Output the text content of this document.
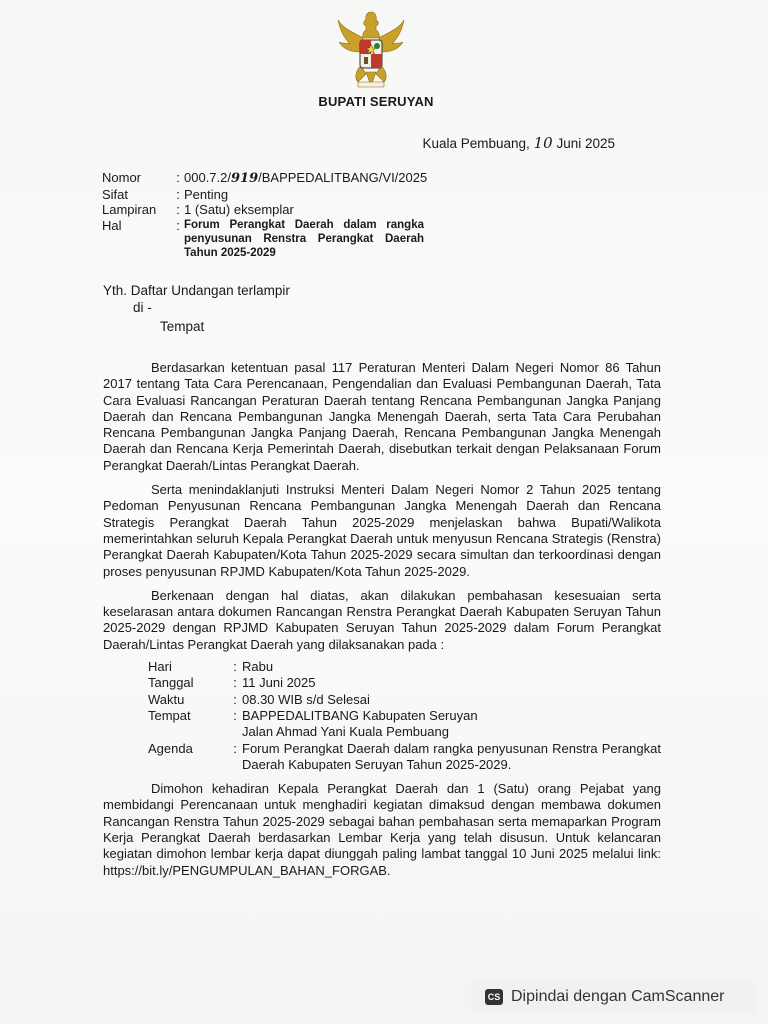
BUPATI SERUYAN
Kuala Pembuang, 10 Juni 2025
Nomor	: 000.7.2/919/BAPPEDALITBANG/VI/2025
Sifat	: Penting
Lampiran	: 1 (Satu) eksemplar
Hal	: Forum Perangkat Daerah dalam rangka penyusunan Renstra Perangkat Daerah Tahun 2025-2029
Yth. Daftar Undangan terlampir
di -
Tempat

Berdasarkan ketentuan pasal 117 Peraturan Menteri Dalam Negeri Nomor 86 Tahun 2017 tentang Tata Cara Perencanaan, Pengendalian dan Evaluasi Pembangunan Daerah, Tata Cara Evaluasi Rancangan Peraturan Daerah tentang Rencana Pembangunan Jangka Panjang Daerah dan Rencana Pembangunan Jangka Menengah Daerah, serta Tata Cara Perubahan Rencana Pembangunan Jangka Panjang Daerah, Rencana Pembangunan Jangka Menengah Daerah dan Rencana Kerja Pemerintah Daerah, disebutkan terkait dengan Pelaksanaan Forum Perangkat Daerah/Lintas Perangkat Daerah.

Serta menindaklanjuti Instruksi Menteri Dalam Negeri Nomor 2 Tahun 2025 tentang Pedoman Penyusunan Rencana Pembangunan Jangka Menengah Daerah dan Rencana Strategis Perangkat Daerah Tahun 2025-2029 menjelaskan bahwa Bupati/Walikota memerintahkan seluruh Kepala Perangkat Daerah untuk menyusun Rencana Strategis (Renstra) Perangkat Daerah Kabupaten/Kota Tahun 2025-2029 secara simultan dan terkoordinasi dengan proses penyusunan RPJMD Kabupaten/Kota Tahun 2025-2029.

Berkenaan dengan hal diatas, akan dilakukan pembahasan kesesuaian serta keselarasan antara dokumen Rancangan Renstra Perangkat Daerah Kabupaten Seruyan Tahun 2025-2029 dengan RPJMD Kabupaten Seruyan Tahun 2025-2029 dalam Forum Perangkat Daerah/Lintas Perangkat Daerah yang dilaksanakan pada :

Hari	: Rabu
Tanggal	: 11 Juni 2025
Waktu	: 08.30 WIB s/d Selesai
Tempat	: BAPPEDALITBANG Kabupaten Seruyan
Jalan Ahmad Yani Kuala Pembuang
Agenda	: Forum Perangkat Daerah dalam rangka penyusunan Renstra Perangkat Daerah Kabupaten Seruyan Tahun 2025-2029.

Dimohon kehadiran Kepala Perangkat Daerah dan 1 (Satu) orang Pejabat yang membidangi Perencanaan untuk menghadiri kegiatan dimaksud dengan membawa dokumen Rancangan Renstra Tahun 2025-2029 sebagai bahan pembahasan serta memaparkan Program Kerja Perangkat Daerah berdasarkan Lembar Kerja yang telah disusun. Untuk kelancaran kegiatan dimohon lembar kerja dapat diunggah paling lambat tanggal 10 Juni 2025 melalui link: https://bit.ly/PENGUMPULAN_BAHAN_FORGAB.

CS Dipindai dengan CamScanner
